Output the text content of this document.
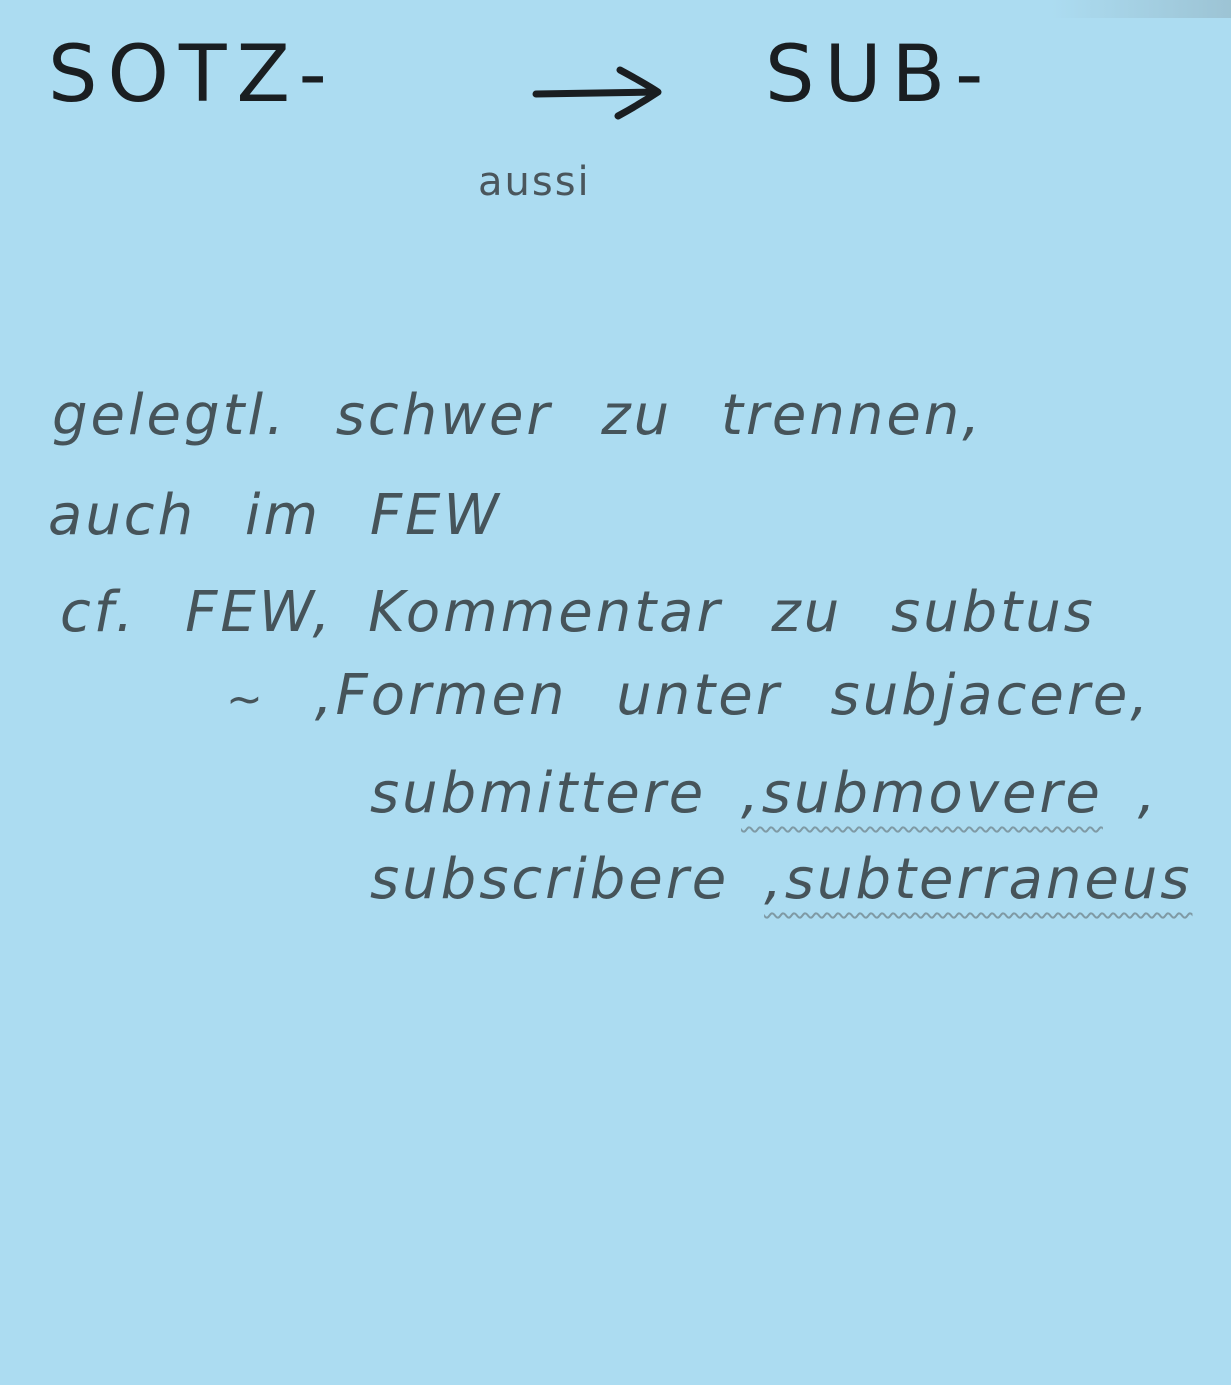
SOTZ-	SUB-
aussi
gelegtl. schwer zu trennen,
auch im FEW
cf. FEW, Kommentar zu subtus
~ ,Formen unter subjacere,
submittere ,submovere ,
subscribere ,subterraneus
